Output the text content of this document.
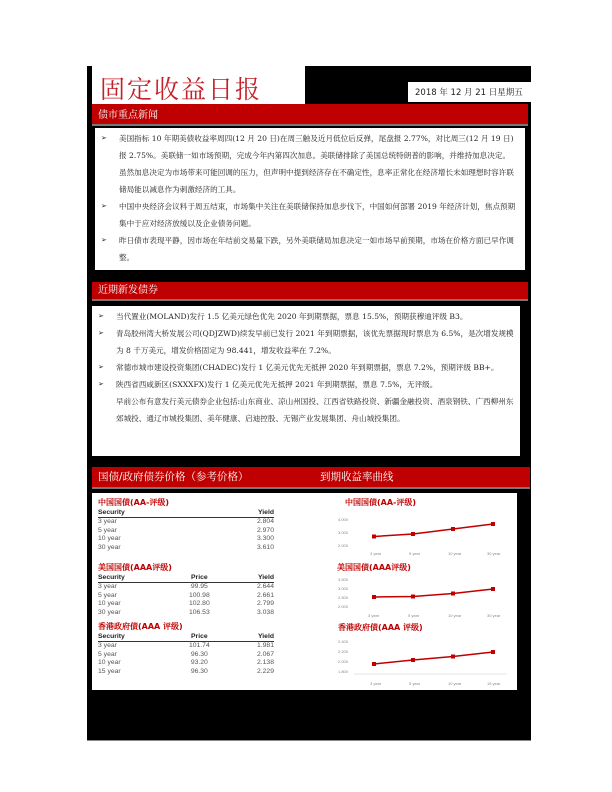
固定收益日报	2018 年 12 月 21 日星期五
债市重点新闻
➢ 美国指标 10 年期美债收益率周四(12 月 20 日)在周三触及近月低位后反弹，尾盘报 2.77%，对比周三(12 月 19 日)报 2.75%。美联储一如市场预期，完成今年内第四次加息。美联储排除了美国总统特朗普的影响，并维持加息决定。虽然加息决定为市场带来可能回调的压力，但声明中提到经济存在不确定性，息率正常化在经济增长未如理想时容许联储局能以减息作为刺激经济的工具。
➢ 中国中央经济会议料于周五结束，市场集中关注在美联储保持加息步伐下，中国如何部署 2019 年经济计划，焦点预期集中于应对经济放缓以及企业债务问题。
➢ 昨日债市表现平静，因市场在年结前交易量下跌，另外美联储局加息决定一如市场早前预期，市场在价格方面已早作调整。
近期新发债券
➢ 当代置业(MOLAND)发行 1.5 亿美元绿色优先 2020 年到期票据，票息 15.5%，预期获穆迪评级 B3。
➢ 青岛胶州湾大桥发展公司(QDJZWD)续发早前已发行 2021 年到期票据，该优先票据现时票息为 6.5%，是次增发规模为 8 千万美元，增发价格固定为 98.441，增发收益率在 7.2%。
➢ 常德市城市建设投资集团(CHADEC)发行 1 亿美元优先无抵押 2020 年到期票据，票息 7.2%，预期评级 BB+。
➢ 陕西省西咸新区(SXXXFX)发行 1 亿美元优先无抵押 2021 年到期票据，票息 7.5%，无评级。
早前公布有意发行美元债券企业包括:山东商业、凉山州国投、江西省铁路投资、新疆金融投资、酒泉钢铁、广西柳州东郊城投、通辽市城投集团、美年健康、启迪控股、无锡产业发展集团、舟山城投集团。
国债/政府债券价格（参考价格）	到期收益率曲线
中国国债(AA-评级)
Security		Yield
3 year		2.804
5 year		2.970
10 year		3.300
30 year		3.610
美国国债(AAA评级)
Security	Price	Yield
3 year	99.95	2.644
5 year	100.98	2.661
10 year	102.80	2.799
30 year	106.53	3.038
香港政府债(AAA 评级)
Security	Price	Yield
3 year	101.74	1.981
5 year	96.30	2.067
10 year	93.20	2.138
15 year	96.30	2.229
中国国债(AA-评级)
4.000
3.000
2.000
3 year	5 year	10 year	30 year
美国国债(AAA评级)
3.500
3.000
2.500
2.000
3 year	5 year	10 year	30 year
香港政府债(AAA 评级)
2.400
2.200
2.000
1.800
3 year	5 year	10 year	15 year
